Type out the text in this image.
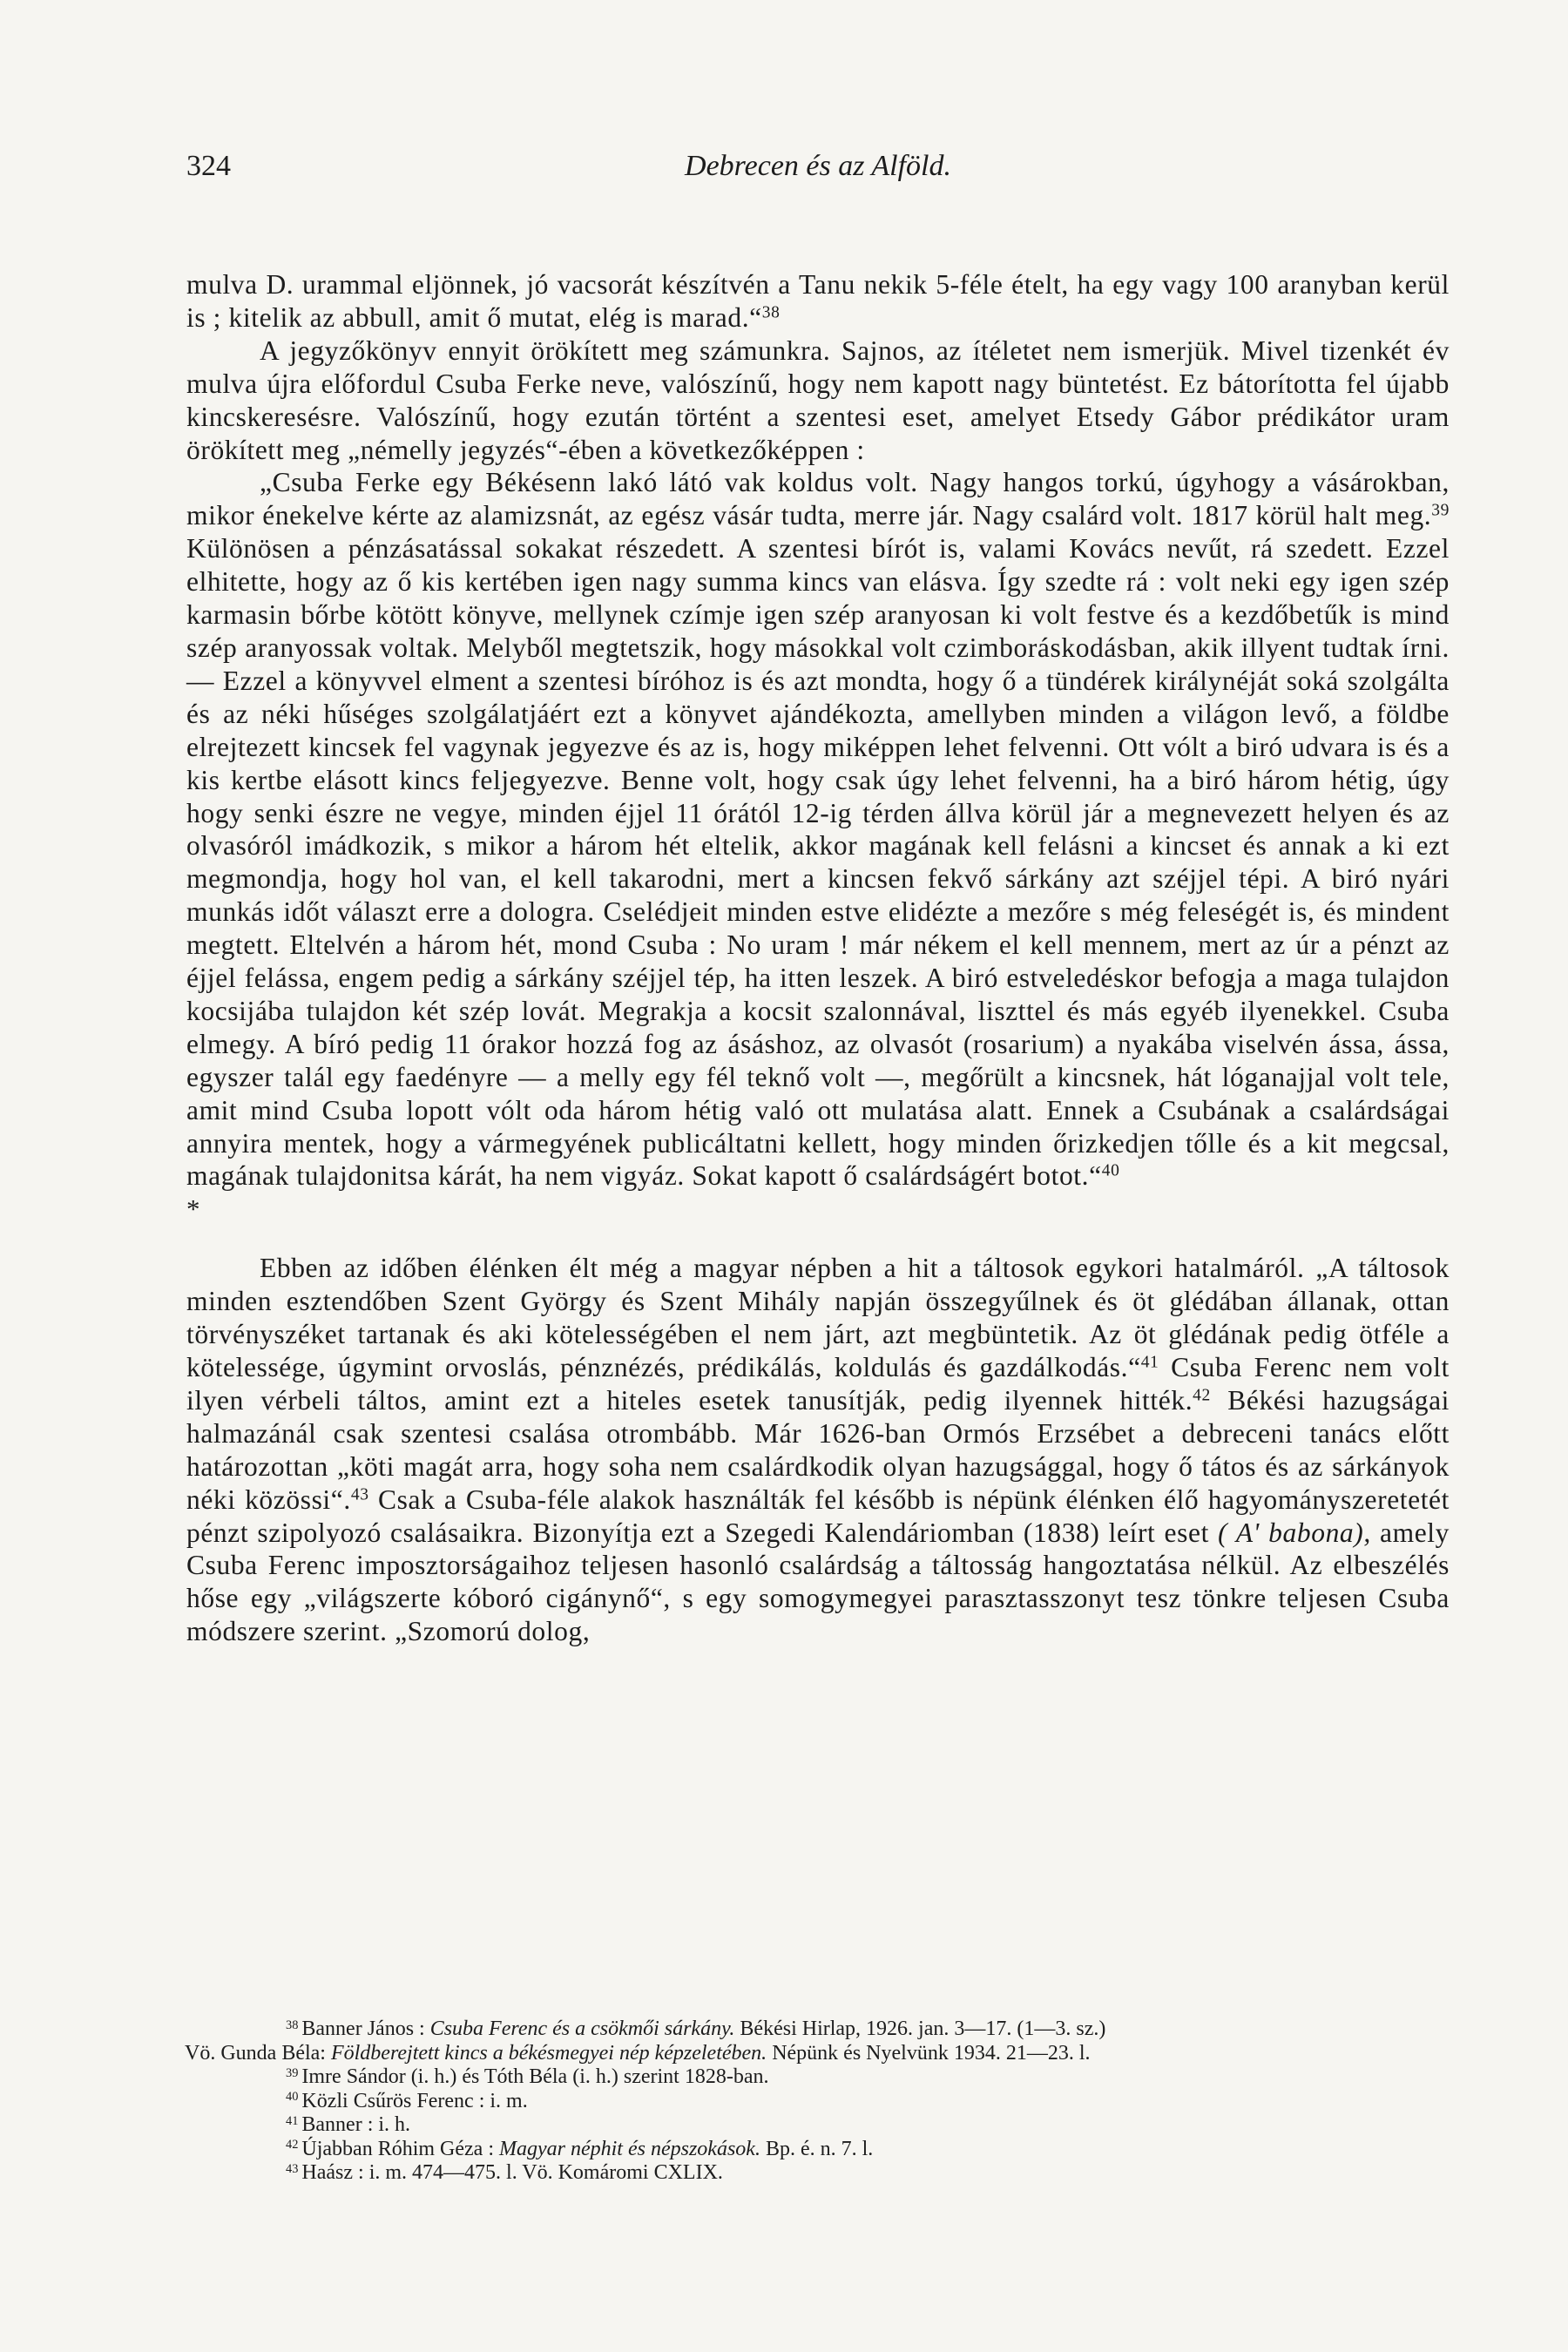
324	Debrecen és az Alföld.

mulva D. urammal eljönnek, jó vacsorát készítvén a Tanu nekik 5-féle ételt, ha egy vagy 100 aranyban kerül is ; kitelik az abbull, amit ő mutat, elég is marad.“$^{38}$

A jegyzőkönyv ennyit örökített meg számunkra. Sajnos, az ítéletet nem ismerjük. Mivel tizenkét év mulva újra előfordul Csuba Ferke neve, valószínű, hogy nem kapott nagy büntetést. Ez bátorította fel újabb kincskeresésre. Valószínű, hogy ezután történt a szentesi eset, amelyet Etsedy Gábor prédikátor uram örökített meg „némelly jegyzés“-ében a következőképpen :

„Csuba Ferke egy Békésenn lakó látó vak koldus volt. Nagy hangos torkú, úgyhogy a vásárokban, mikor énekelve kérte az alamizsnát, az egész vásár tudta, merre jár. Nagy csalárd volt. 1817 körül halt meg.$^{39}$ Különösen a pénzásatással sokakat részedett. A szentesi bírót is, valami Kovács nevűt, rá szedett. Ezzel elhitette, hogy az ő kis kertében igen nagy summa kincs van elásva. Így szedte rá : volt neki egy igen szép karmasin bőrbe kötött könyve, mellynek czímje igen szép aranyosan ki volt festve és a kezdőbetűk is mind szép aranyossak voltak. Melyből megtetszik, hogy másokkal volt czimboráskodásban, akik illyent tudtak írni. — Ezzel a könyvvel elment a szentesi bíróhoz is és azt mondta, hogy ő a tündérek királynéját soká szolgálta és az néki hűséges szolgálatjáért ezt a könyvet ajándékozta, amellyben minden a világon levő, a földbe elrejtezett kincsek fel vagynak jegyezve és az is, hogy miképpen lehet felvenni. Ott vólt a biró udvara is és a kis kertbe elásott kincs feljegyezve. Benne volt, hogy csak úgy lehet felvenni, ha a biró három hétig, úgy hogy senki észre ne vegye, minden éjjel 11 órától 12-ig térden állva körül jár a megnevezett helyen és az olvasóról imádkozik, s mikor a három hét eltelik, akkor magának kell felásni a kincset és annak a ki ezt megmondja, hogy hol van, el kell takarodni, mert a kincsen fekvő sárkány azt széjjel tépi. A biró nyári munkás időt választ erre a dologra. Cselédjeit minden estve elidézte a mezőre s még feleségét is, és mindent megtett. Eltelvén a három hét, mond Csuba : No uram ! már nékem el kell mennem, mert az úr a pénzt az éjjel felássa, engem pedig a sárkány széjjel tép, ha itten leszek. A biró estveledéskor befogja a maga tulajdon kocsijába tulajdon két szép lovát. Megrakja a kocsit szalonnával, liszttel és más egyéb ilyenekkel. Csuba elmegy. A bíró pedig 11 órakor hozzá fog az ásáshoz, az olvasót (rosarium) a nyakába viselvén ássa, ássa, egyszer talál egy faedényre — a melly egy fél teknő volt —, megőrült a kincsnek, hát lóganajjal volt tele, amit mind Csuba lopott vólt oda három hétig való ott mulatása alatt. Ennek a Csubának a csalárdságai annyira mentek, hogy a vármegyének publicáltatni kellett, hogy minden őrizkedjen tőlle és a kit megcsal, magának tulajdonitsa kárát, ha nem vigyáz. Sokat kapott ő csalárdságért botot.“$^{40}$

*

Ebben az időben élénken élt még a magyar népben a hit a táltosok egykori hatalmáról. „A táltosok minden esztendőben Szent György és Szent Mihály napján összegyűlnek és öt glédában állanak, ottan törvényszéket tartanak és aki kötelességében el nem járt, azt megbüntetik. Az öt glédának pedig ötféle a kötelessége, úgymint orvoslás, pénznézés, prédikálás, koldulás és gazdálkodás.“$^{41}$ Csuba Ferenc nem volt ilyen vérbeli táltos, amint ezt a hiteles esetek tanusítják, pedig ilyennek hitték.$^{42}$ Békési hazugságai halmazánál csak szentesi csalása otrombább. Már 1626-ban Ormós Erzsébet a debreceni tanács előtt határozottan „köti magát arra, hogy soha nem csalárdkodik olyan hazugsággal, hogy ő tátos és az sárkányok néki közössi“.$^{43}$ Csak a Csuba-féle alakok használták fel később is népünk élénken élő hagyományszeretetét pénzt szipolyozó csalásaikra. Bizonyítja ezt a Szegedi Kalendáriomban (1838) leírt eset ( A' babona), amely Csuba Ferenc imposztorságaihoz teljesen hasonló csalárdság a táltosság hangoztatása nélkül. Az elbeszélés hőse egy „világszerte kóboró cigánynő“, s egy somogymegyei parasztasszonyt tesz tönkre teljesen Csuba módszere szerint. „Szomorú dolog,

$^{38}$ Banner János : Csuba Ferenc és a csökmői sárkány. Békési Hirlap, 1926. jan. 3—17. (1—3. sz.)

Vö. Gunda Béla: Földberejtett kincs a békésmegyei nép képzeletében. Népünk és Nyelvünk 1934. 21—23. l.

$^{39}$ Imre Sándor (i. h.) és Tóth Béla (i. h.) szerint 1828-ban.

$^{40}$ Közli Csűrös Ferenc : i. m.

$^{41}$ Banner : i. h.

$^{42}$ Újabban Róhim Géza : Magyar néphit és népszokások. Bp. é. n. 7. l.

$^{43}$ Haász : i. m. 474—475. l. Vö. Komáromi CXLIX.
